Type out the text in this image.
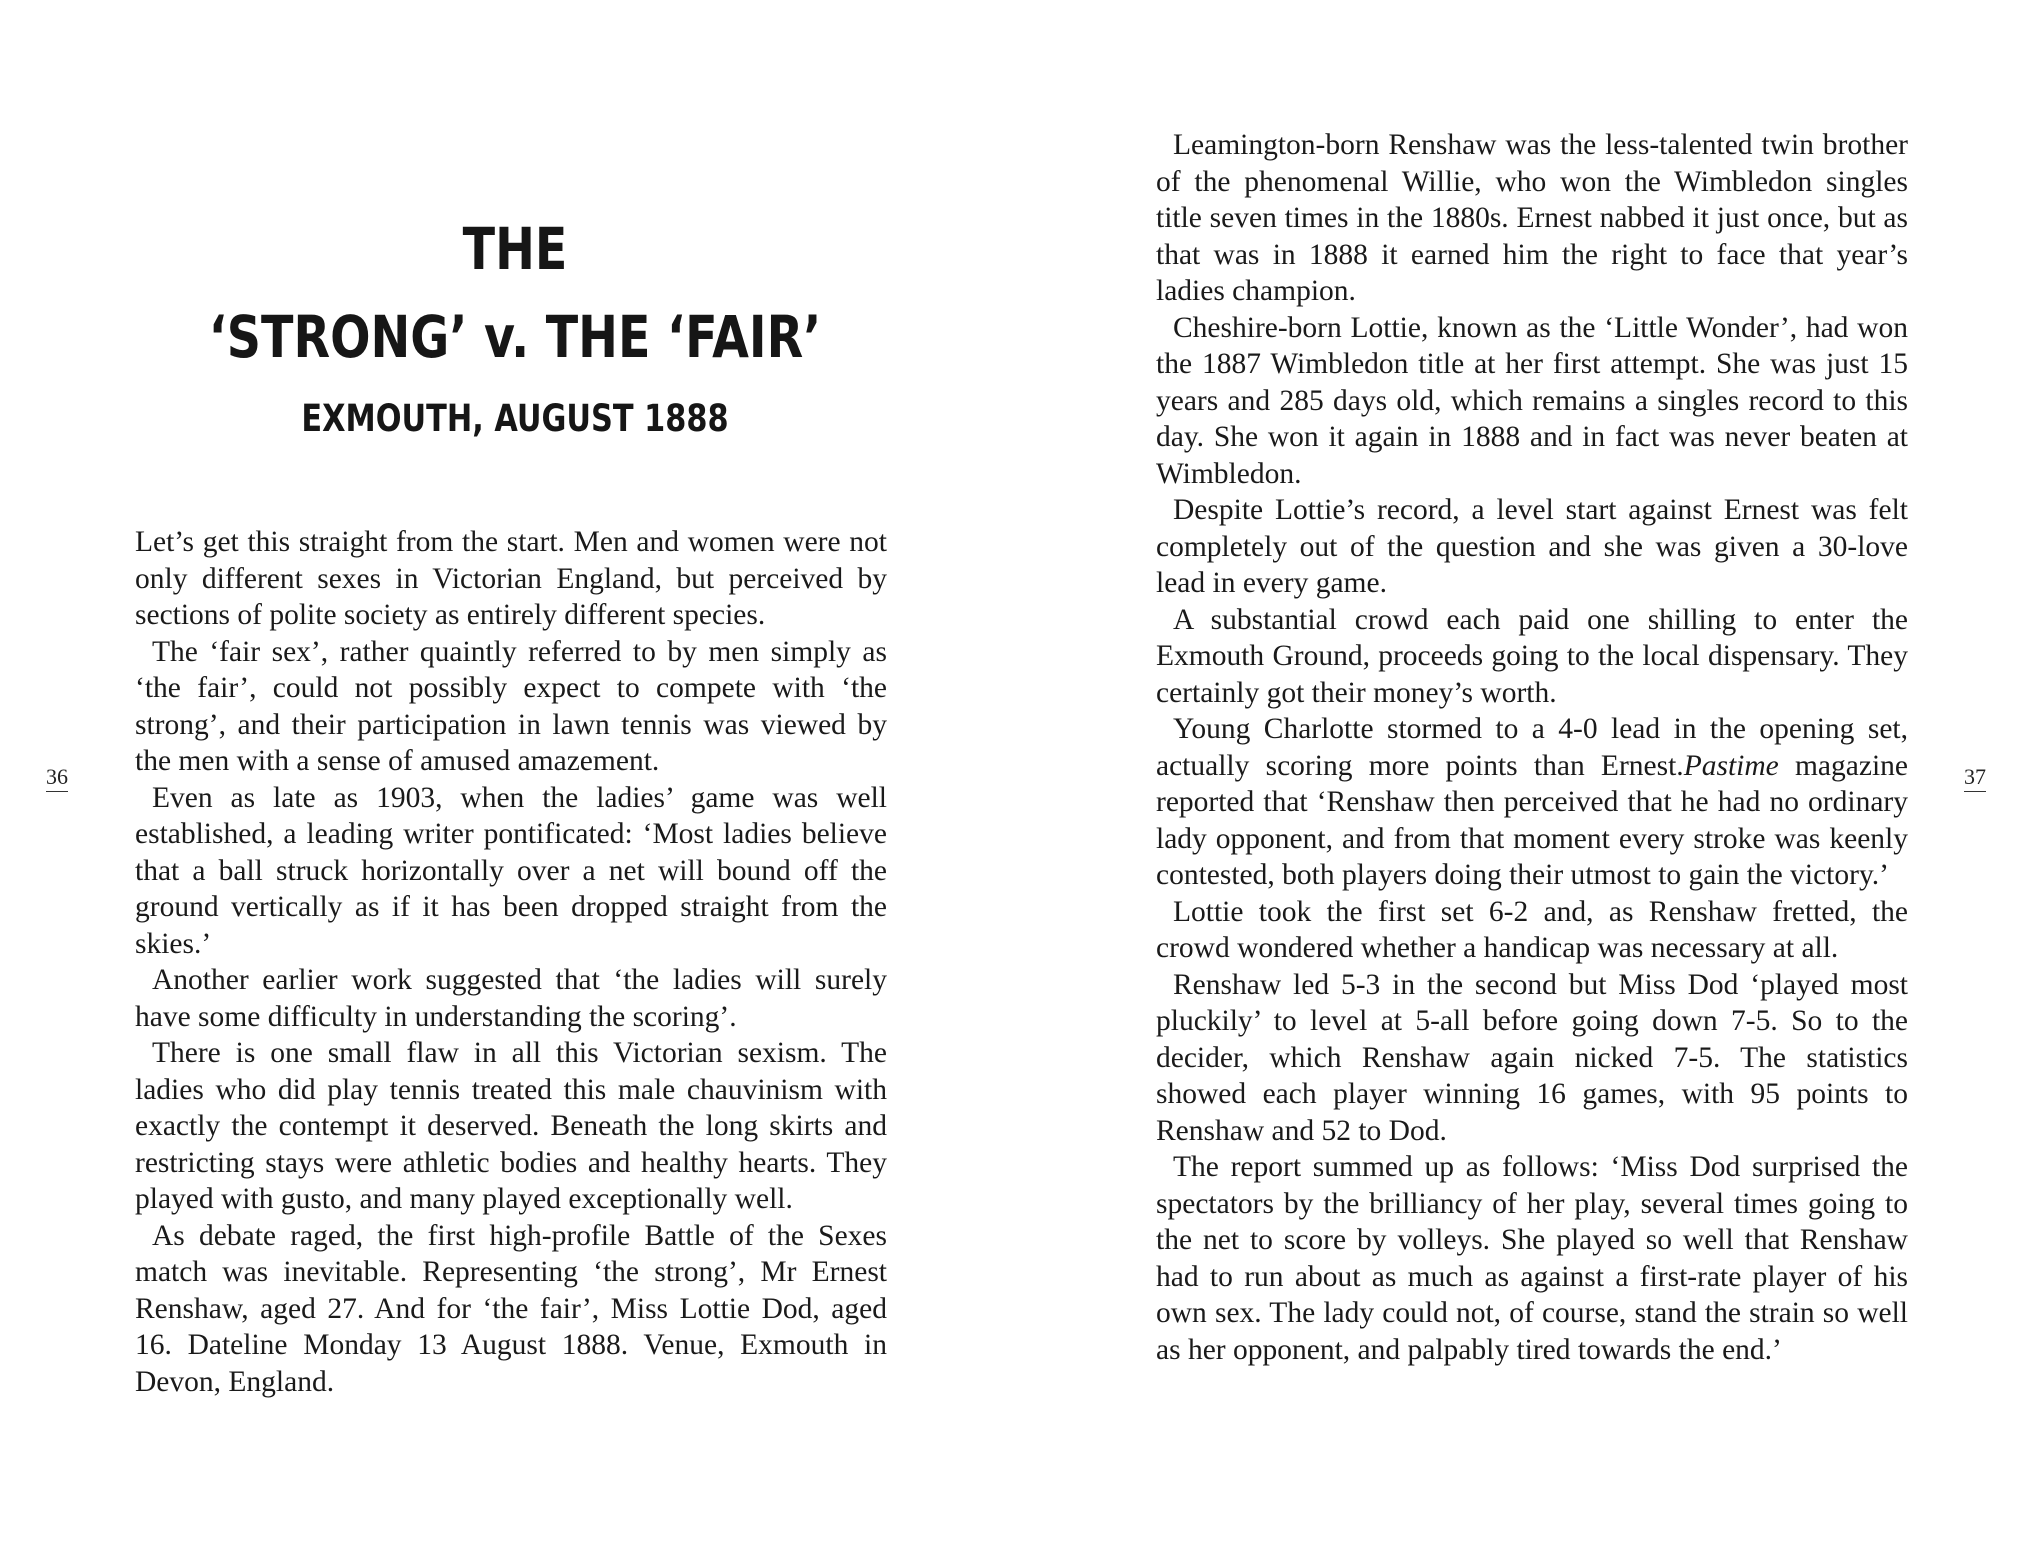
THE
‘STRONG’ v. THE ‘FAIR’
EXMOUTH, AUGUST 1888
36

Let’s get this straight from the start. Men and women were not only different sexes in Victorian England, but perceived by sections of polite society as entirely different species.

The ‘fair sex’, rather quaintly referred to by men simply as ‘the fair’, could not possibly expect to compete with ‘the strong’, and their participation in lawn tennis was viewed by the men with a sense of amused amazement.

Even as late as 1903, when the ladies’ game was well established, a leading writer pontificated: ‘Most ladies believe that a ball struck horizontally over a net will bound off the ground vertically as if it has been dropped straight from the skies.’

Another earlier work suggested that ‘the ladies will surely have some difficulty in understanding the scoring’.

There is one small flaw in all this Victorian sexism. The ladies who did play tennis treated this male chauvinism with exactly the contempt it deserved. Beneath the long skirts and restricting stays were athletic bodies and healthy hearts. They played with gusto, and many played exceptionally well.

As debate raged, the first high-profile Battle of the Sexes match was inevitable. Representing ‘the strong’, Mr Ernest Renshaw, aged 27. And for ‘the fair’, Miss Lottie Dod, aged 16. Dateline Monday 13 August 1888. Venue, Exmouth in Devon, England.

37

Leamington-born Renshaw was the less-talented twin brother of the phenomenal Willie, who won the Wimbledon singles title seven times in the 1880s. Ernest nabbed it just once, but as that was in 1888 it earned him the right to face that year’s ladies champion.

Cheshire-born Lottie, known as the ‘Little Wonder’, had won the 1887 Wimbledon title at her first attempt. She was just 15 years and 285 days old, which remains a singles record to this day. She won it again in 1888 and in fact was never beaten at Wimbledon.

Despite Lottie’s record, a level start against Ernest was felt completely out of the question and she was given a 30-love lead in every game.

A substantial crowd each paid one shilling to enter the Exmouth Ground, proceeds going to the local dispensary. They certainly got their money’s worth.

Young Charlotte stormed to a 4-0 lead in the opening set, actually scoring more points than Ernest.Pastime magazine reported that ‘Renshaw then perceived that he had no ordinary lady opponent, and from that moment every stroke was keenly contested, both players doing their utmost to gain the victory.’

Lottie took the first set 6-2 and, as Renshaw fretted, the crowd wondered whether a handicap was necessary at all.

Renshaw led 5-3 in the second but Miss Dod ‘played most pluckily’ to level at 5-all before going down 7-5. So to the decider, which Renshaw again nicked 7-5. The statistics showed each player winning 16 games, with 95 points to Renshaw and 52 to Dod.

The report summed up as follows: ‘Miss Dod surprised the spectators by the brilliancy of her play, several times going to the net to score by volleys. She played so well that Renshaw had to run about as much as against a first-rate player of his own sex. The lady could not, of course, stand the strain so well as her opponent, and palpably tired towards the end.’
